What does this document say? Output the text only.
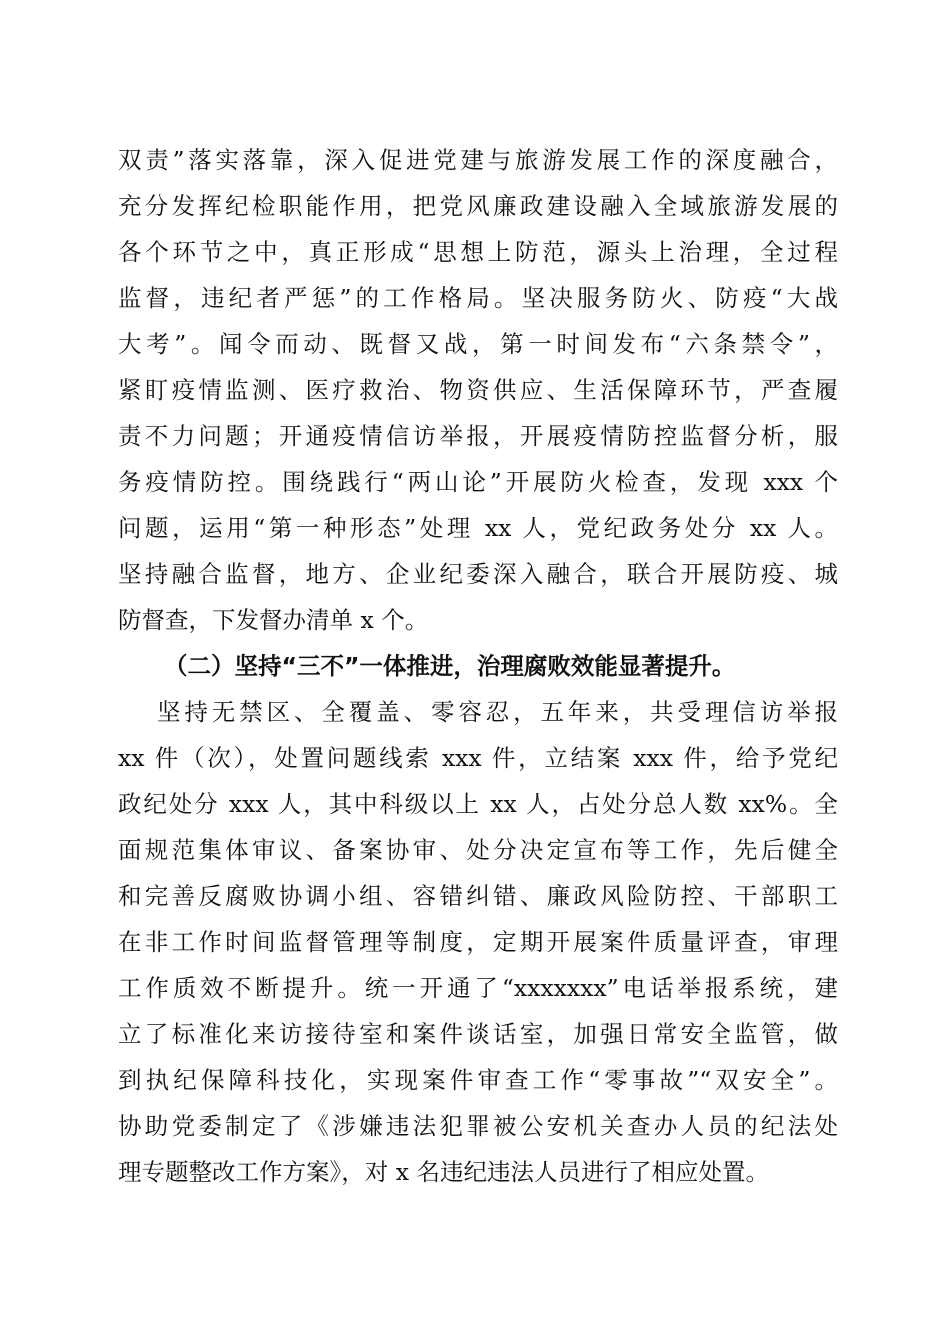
双责”落实落靠，深入促进党建与旅游发展工作的深度融合，
充分发挥纪检职能作用，把党风廉政建设融入全域旅游发展的
各个环节之中，真正形成“思想上防范，源头上治理，全过程
监督，违纪者严惩”的工作格局。坚决服务防火、防疫“大战
大考”。闻令而动、既督又战，第一时间发布“六条禁令”，
紧盯疫情监测、医疗救治、物资供应、生活保障环节，严查履
责不力问题；开通疫情信访举报，开展疫情防控监督分析，服
务疫情防控。围绕践行“两山论”开展防火检查，发现 xxx 个
问题，运用“第一种形态”处理 xx 人，党纪政务处分 xx 人。
坚持融合监督，地方、企业纪委深入融合，联合开展防疫、城
防督查，下发督办清单 x 个。
（二）坚持“三不”一体推进，治理腐败效能显著提升。
坚持无禁区、全覆盖、零容忍，五年来，共受理信访举报
xx 件（次），处置问题线索 xxx 件，立结案 xxx 件，给予党纪
政纪处分 xxx 人，其中科级以上 xx 人，占处分总人数 xx%。全
面规范集体审议、备案协审、处分决定宣布等工作，先后健全
和完善反腐败协调小组、容错纠错、廉政风险防控、干部职工
在非工作时间监督管理等制度，定期开展案件质量评查，审理
工作质效不断提升。统一开通了“xxxxxxx”电话举报系统，建
立了标准化来访接待室和案件谈话室，加强日常安全监管，做
到执纪保障科技化，实现案件审查工作“零事故”“双安全”。
协助党委制定了《涉嫌违法犯罪被公安机关查办人员的纪法处
理专题整改工作方案》，对 x 名违纪违法人员进行了相应处置。
